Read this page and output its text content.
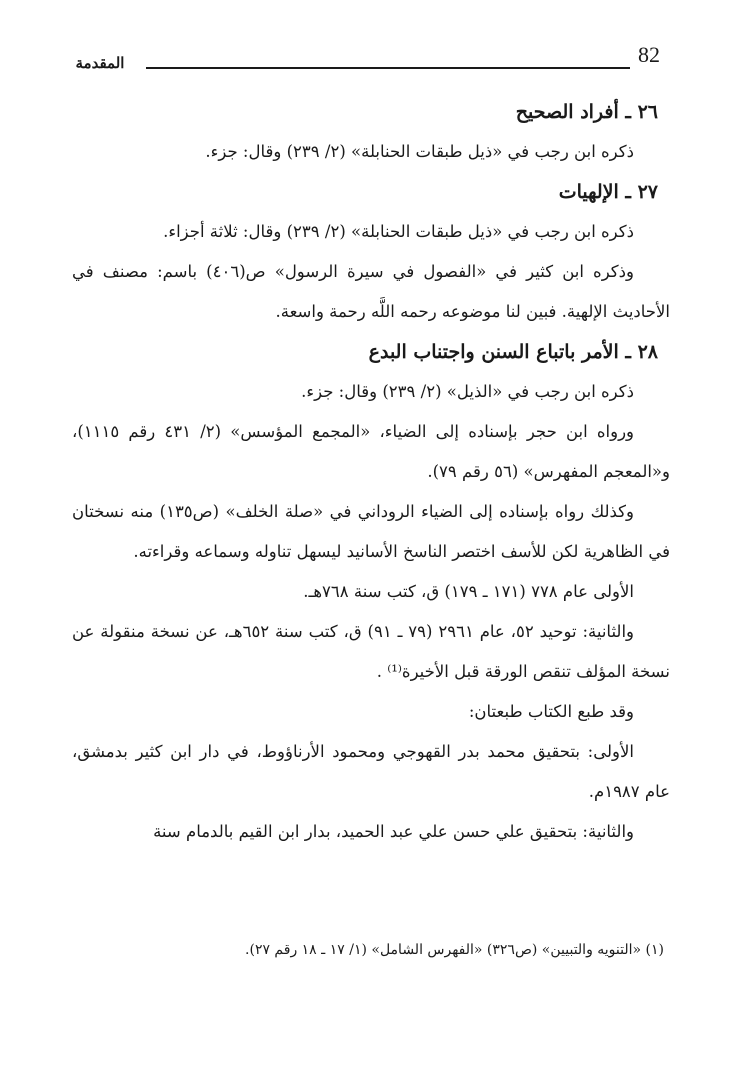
82
المقدمة
٢٦ ـ أفراد الصحيح

ذكره ابن رجب في «ذيل طبقات الحنابلة» (٢/ ٢٣٩) وقال: جزء.

٢٧ ـ الإلهيات

ذكره ابن رجب في «ذيل طبقات الحنابلة» (٢/ ٢٣٩) وقال: ثلاثة أجزاء.

وذكره ابن كثير في «الفصول في سيرة الرسول» ص(٤٠٦) باسم: مصنف في الأحاديث الإلهية. فبين لنا موضوعه رحمه اللَّه رحمة واسعة.

٢٨ ـ الأمر باتباع السنن واجتناب البدع

ذكره ابن رجب في «الذيل» (٢/ ٢٣٩) وقال: جزء.

ورواه ابن حجر بإسناده إلى الضياء، «المجمع المؤسس» (٢/ ٤٣١ رقم ١١١٥)، و«المعجم المفهرس» (٥٦ رقم ٧٩).

وكذلك رواه بإسناده إلى الضياء الروداني في «صلة الخلف» (ص١٣٥) منه نسختان في الظاهرية لكن للأسف اختصر الناسخ الأسانيد ليسهل تناوله وسماعه وقراءته.

الأولى عام ٧٧٨ (١٧١ ـ ١٧٩) ق، كتب سنة ٧٦٨هـ.

والثانية: توحيد ٥٢، عام ٢٩٦١ (٧٩ ـ ٩١) ق، كتب سنة ٦٥٢هـ، عن نسخة منقولة عن نسخة المؤلف تنقص الورقة قبل الأخيرة⁽¹⁾ .

وقد طبع الكتاب طبعتان:

الأولى: بتحقيق محمد بدر القهوجي ومحمود الأرناؤوط، في دار ابن كثير بدمشق، عام ١٩٨٧م.

والثانية: بتحقيق علي حسن علي عبد الحميد، بدار ابن القيم بالدمام سنة

(١) «التنويه والتبيين» (ص٣٢٦) «الفهرس الشامل» (١/ ١٧ ـ ١٨ رقم ٢٧).
